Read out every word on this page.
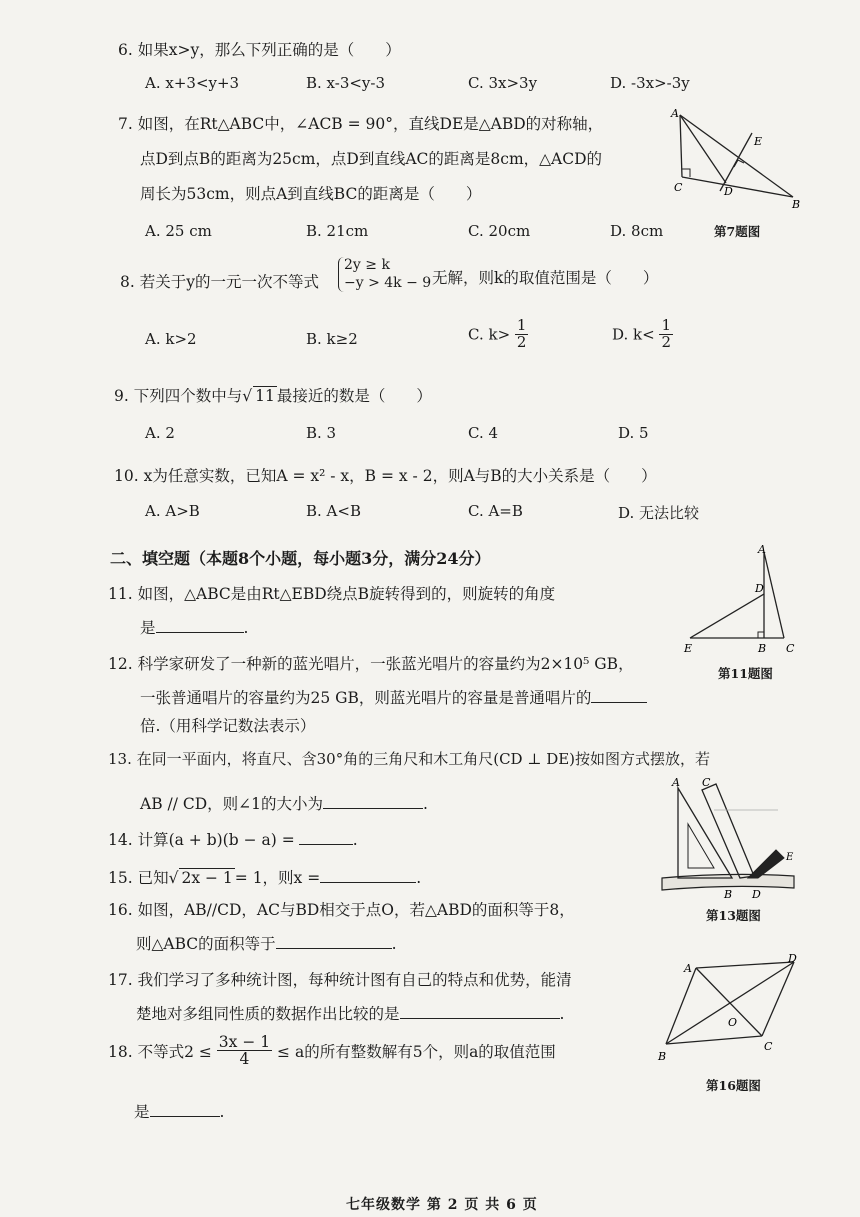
6. 如果x>y，那么下列正确的是（　　）
A. x+3<y+3	B. x-3<y-3	C. 3x>3y	D. -3x>-3y
7. 如图，在Rt△ABC中，∠ACB = 90°，直线DE是△ABD的对称轴，
点D到点B的距离为25cm，点D到直线AC的距离是8cm，△ACD的
周长为53cm，则点A到直线BC的距离是（　　）
A. 25 cm	B. 21cm	C. 20cm	D. 8cm
A
C	D
E
B
第7题图
8. 若关于y的一元一次不等式
2y ≥ k
−y > 4k − 9 无解，则k的取值范围是（　　）
A. k>2	B. k≥2	C. $k> \frac{1}{2}$	D. $k< \frac{1}{2}$
9. 下列四个数中与√ 11 最接近的数是（　　）
A. 2	B. 3	C. 4	D. 5
10. x为任意实数，已知A = x² - x，B = x - 2，则A与B的大小关系是（　　）
A. A>B	B. A<B	C. A=B	D. 无法比较
二、填空题（本题8个小题，每小题3分，满分24分）
11. 如图，△ABC是由Rt△EBD绕点B旋转得到的，则旋转的角度
是	.
A
D
E	B C
第11题图
12. 科学家研发了一种新的蓝光唱片，一张蓝光唱片的容量约为2×10⁵ GB，
一张普通唱片的容量约为25 GB，则蓝光唱片的容量是普通唱片的
倍.（用科学记数法表示）
13. 在同一平面内，将直尺、含30°角的三角尺和木工角尺(CD ⊥ DE)按如图方式摆放，若
AB // CD，则∠1的大小为	.
A C
E
B D
第13题图
14. 计算(a + b)(b − a) =	.
15. 已知√ 2x − 1 = 1，则x =	.
16. 如图，AB//CD，AC与BD相交于点O，若△ABD的面积等于8，
则△ABC的面积等于	.
17. 我们学习了多种统计图，每种统计图有自己的特点和优势，能清
楚地对多组同性质的数据作出比较的是	.
A
D
O
B
C
第16题图
18. 不等式$2 \le \frac{3x - 1}{4} \le a$的所有整数解有5个，则a的取值范围
是	.
七年级数学 第 2 页 共 6 页
